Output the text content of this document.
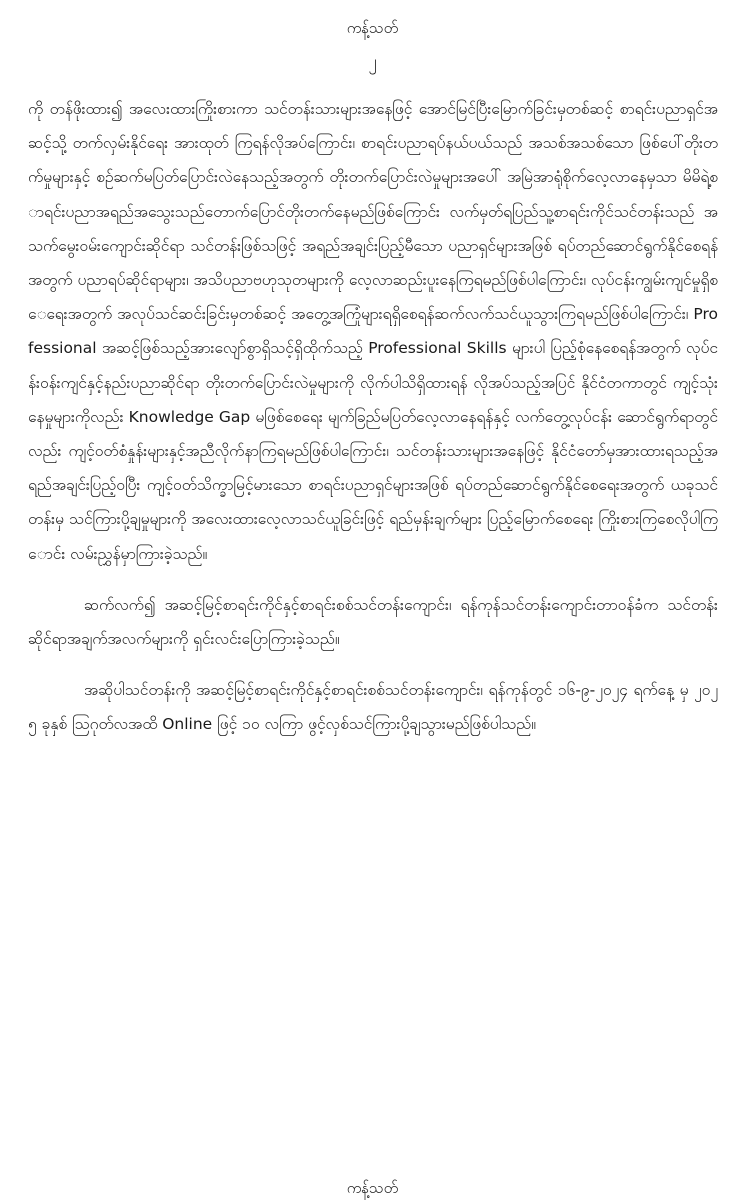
ကန့်သတ်
၂

ကို တန်ဖိုးထား၍ အလေးထားကြိုးစားကာ သင်တန်းသားများအနေဖြင့် အောင်မြင်ပြီးမြောက်ခြင်းမှတစ်ဆင့် စာရင်းပညာရှင်အဆင့်သို့ တက်လှမ်းနိုင်ရေး အားထုတ် ကြရန်လိုအပ်ကြောင်း၊ စာရင်းပညာရပ်နယ်ပယ်သည် အသစ်အသစ်သော ဖြစ်ပေါ်တိုးတက်မှုများနှင့် စဉ်ဆက်မပြတ်ပြောင်းလဲနေသည့်အတွက် တိုးတက်ပြောင်းလဲမှုများအပေါ် အမြဲအာရုံစိုက်လေ့လာနေမှသာ မိမိရဲ့စာရင်းပညာအရည်အသွေးသည်တောက်ပြောင်တိုးတက်နေမည်ဖြစ်ကြောင်း လက်မှတ်ရပြည်သူ့စာရင်းကိုင်သင်တန်းသည် အသက်မွေးဝမ်းကျောင်းဆိုင်ရာ သင်တန်းဖြစ်သဖြင့် အရည်အချင်းပြည့်မီသော ပညာရှင်များအဖြစ် ရပ်တည်ဆောင်ရွက်နိုင်စေရန်အတွက် ပညာရပ်ဆိုင်ရာများ၊ အသိပညာဗဟုသုတများကို လေ့လာဆည်းပူးနေကြရမည်ဖြစ်ပါကြောင်း၊ လုပ်ငန်းကျွမ်းကျင်မှုရှိစေရေးအတွက် အလုပ်သင်ဆင်းခြင်းမှတစ်ဆင့် အတွေ့အကြုံများရရှိစေရန်ဆက်လက်သင်ယူသွားကြရမည်ဖြစ်ပါကြောင်း၊ Professional အဆင့်ဖြစ်သည့်အားလျော်စွာရှိသင့်ရှိထိုက်သည့် Professional Skills များပါ ပြည့်စုံနေစေရန်အတွက် လုပ်ငန်းဝန်းကျင်နှင့်နည်းပညာဆိုင်ရာ တိုးတက်ပြောင်းလဲမှုများကို လိုက်ပါသိရှိထားရန် လိုအပ်သည့်အပြင် နိုင်ငံတကာတွင် ကျင့်သုံးနေမှုများကိုလည်း Knowledge Gap မဖြစ်စေရေး မျက်ခြည်မပြတ်လေ့လာနေရန်နှင့် လက်တွေ့လုပ်ငန်း ဆောင်ရွက်ရာတွင်လည်း ကျင့်ဝတ်စံနှုန်းများနှင့်အညီလိုက်နာကြရမည်ဖြစ်ပါကြောင်း၊ သင်တန်းသားများအနေဖြင့် နိုင်ငံတော်မှအားထားရသည့်အရည်အချင်းပြည့်ဝပြီး ကျင့်ဝတ်သိက္ခာမြင့်မားသော စာရင်းပညာရှင်များအဖြစ် ရပ်တည်ဆောင်ရွက်နိုင်စေရေးအတွက် ယခုသင်တန်းမှ သင်ကြားပို့ချမှုများကို အလေးထားလေ့လာသင်ယူခြင်းဖြင့် ရည်မှန်းချက်များ ပြည့်မြောက်စေရေး ကြိုးစားကြစေလိုပါကြောင်း လမ်းညွှန်မှာကြားခဲ့သည်။

ဆက်လက်၍ အဆင့်မြင့်စာရင်းကိုင်နှင့်စာရင်းစစ်သင်တန်းကျောင်း၊ ရန်ကုန်သင်တန်းကျောင်းတာဝန်ခံက သင်တန်းဆိုင်ရာအချက်အလက်များကို ရှင်းလင်းပြောကြားခဲ့သည်။

အဆိုပါသင်တန်းကို အဆင့်မြင့်စာရင်းကိုင်နှင့်စာရင်းစစ်သင်တန်းကျောင်း၊ ရန်ကုန်တွင် ၁၆-၉-၂၀၂၄ ရက်နေ့ မှ ၂၀၂၅ ခုနှစ် ဩဂုတ်လအထိ Online ဖြင့် ၁၀ လကြာ ဖွင့်လှစ်သင်ကြားပို့ချသွားမည်ဖြစ်ပါသည်။

ကန့်သတ်
